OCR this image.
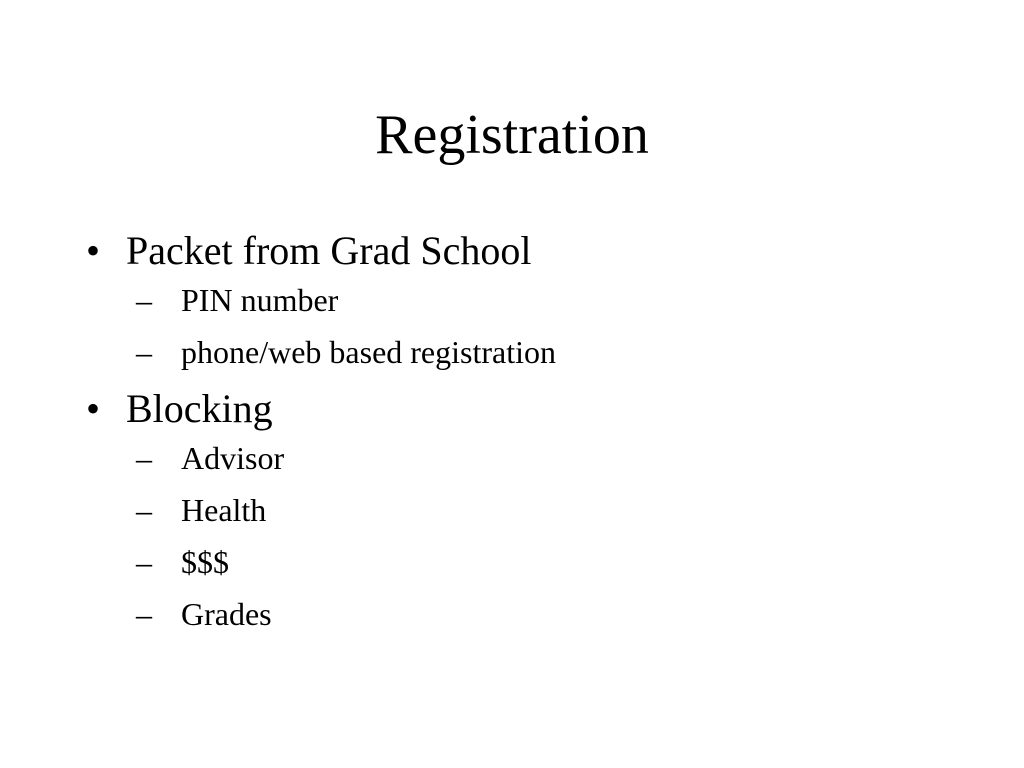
Registration
• Packet from Grad School
– PIN number
– phone/web based registration
• Blocking
– Advisor
– Health
– $$$
– Grades
